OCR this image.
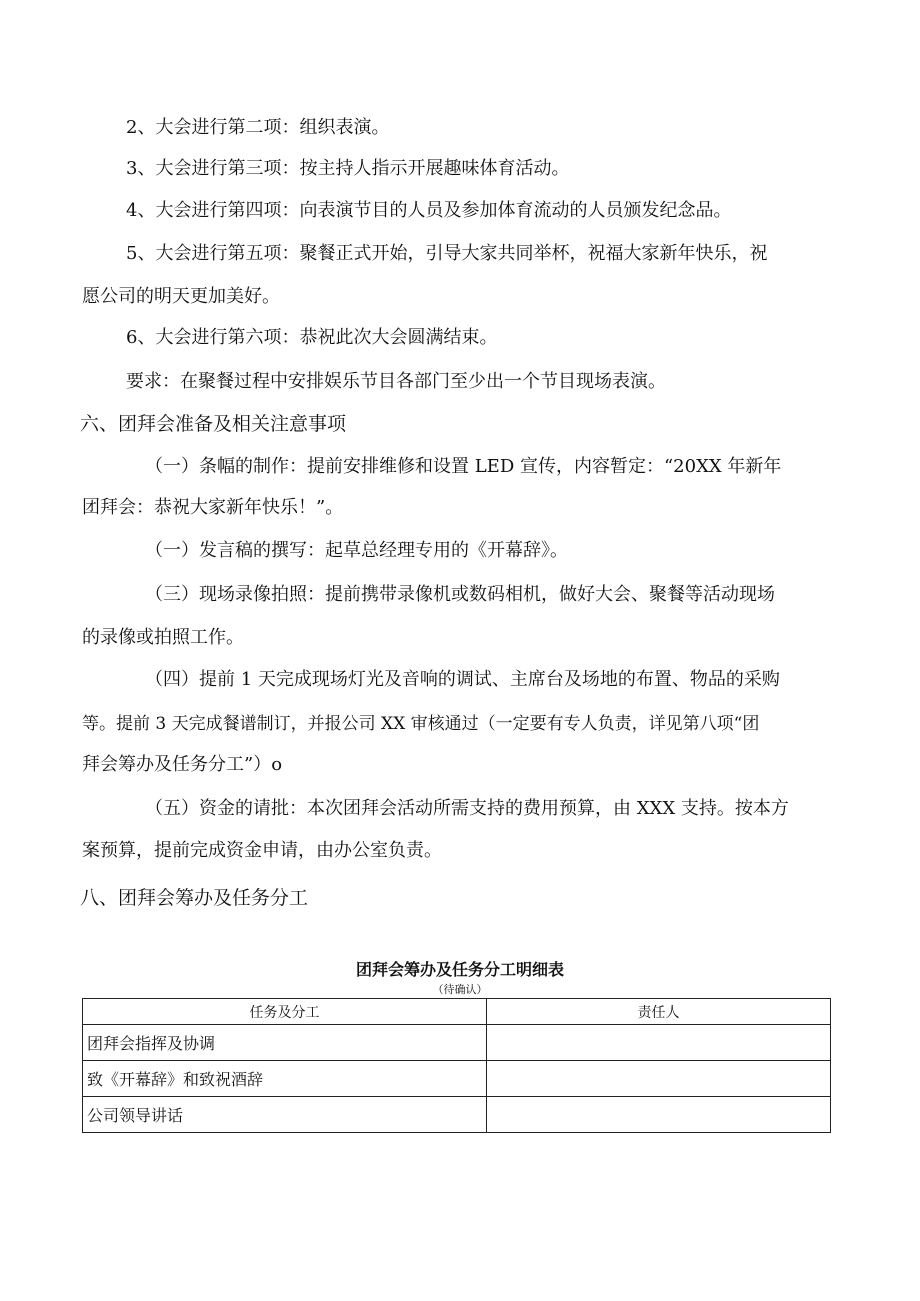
2、大会进行第二项：组织表演。

3、大会进行第三项：按主持人指示开展趣味体育活动。

4、大会进行第四项：向表演节目的人员及参加体育流动的人员颁发纪念品。

5、大会进行第五项：聚餐正式开始，引导大家共同举杯，祝福大家新年快乐，祝

愿公司的明天更加美好。

6、大会进行第六项：恭祝此次大会圆满结束。

要求：在聚餐过程中安排娱乐节目各部门至少出一个节目现场表演。

六、团拜会准备及相关注意事项

（一）条幅的制作：提前安排维修和设置 LED 宣传，内容暂定：“20XX 年新年

团拜会：恭祝大家新年快乐！”。

（一）发言稿的撰写：起草总经理专用的《开幕辞》。

（三）现场录像拍照：提前携带录像机或数码相机，做好大会、聚餐等活动现场

的录像或拍照工作。

（四）提前 1 天完成现场灯光及音响的调试、主席台及场地的布置、物品的采购

等。提前 3 天完成餐谱制订，并报公司 XX 审核通过（一定要有专人负责，详见第八项“团

拜会筹办及任务分工”）o

（五）资金的请批：本次团拜会活动所需支持的费用预算，由 XXX 支持。按本方

案预算，提前完成资金申请，由办公室负责。

八、团拜会筹办及任务分工

团拜会筹办及任务分工明细表
（待确认）
任务及分工	责任人
团拜会指挥及协调	
致《开幕辞》和致祝酒辞	
公司领导讲话	
